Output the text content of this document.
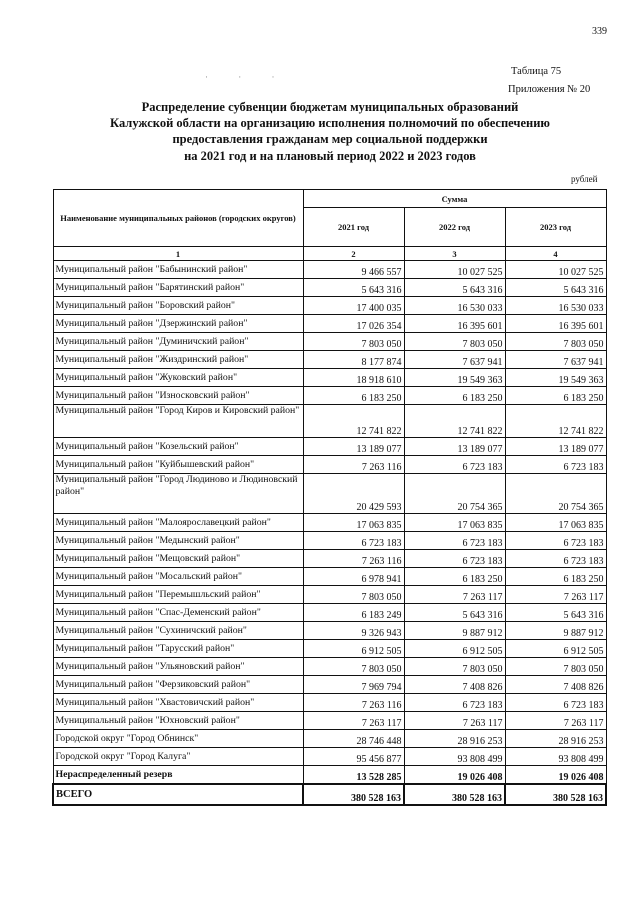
339
· · ·	Таблица 75
Приложения № 20
Распределение субвенции бюджетам муниципальных образований
Калужской области на организацию исполнения полномочий по обеспечению
предоставления гражданам мер социальной поддержки
на 2021 год и на плановый период 2022 и 2023 годов
рублей
Наименование муниципальных районов (городских округов)	Сумма		
	2021 год	2022 год	2023 год
1	2	3	4
Муниципальный район "Бабынинский район"	9 466 557	10 027 525	10 027 525
Муниципальный район "Барятинский район"	5 643 316	5 643 316	5 643 316
Муниципальный район "Боровский район"	17 400 035	16 530 033	16 530 033
Муниципальный район "Дзержинский район"	17 026 354	16 395 601	16 395 601
Муниципальный район "Думиничский район"	7 803 050	7 803 050	7 803 050
Муниципальный район "Жиздринский район"	8 177 874	7 637 941	7 637 941
Муниципальный район "Жуковский район"	18 918 610	19 549 363	19 549 363
Муниципальный район "Износковский район"	6 183 250	6 183 250	6 183 250
Муниципальный район "Город Киров и Кировский район"	12 741 822	12 741 822	12 741 822
Муниципальный район "Козельский район"	13 189 077	13 189 077	13 189 077
Муниципальный район "Куйбышевский район"	7 263 116	6 723 183	6 723 183
Муниципальный район "Город Людиново и Людиновский район"	20 429 593	20 754 365	20 754 365
Муниципальный район "Малоярославецкий район"	17 063 835	17 063 835	17 063 835
Муниципальный район "Медынский район"	6 723 183	6 723 183	6 723 183
Муниципальный район "Мещовский район"	7 263 116	6 723 183	6 723 183
Муниципальный район "Мосальский район"	6 978 941	6 183 250	6 183 250
Муниципальный район "Перемышльский район"	7 803 050	7 263 117	7 263 117
Муниципальный район "Спас-Деменский район"	6 183 249	5 643 316	5 643 316
Муниципальный район "Сухиничский район"	9 326 943	9 887 912	9 887 912
Муниципальный район "Тарусский район"	6 912 505	6 912 505	6 912 505
Муниципальный район "Ульяновский район"	7 803 050	7 803 050	7 803 050
Муниципальный район "Ферзиковский район"	7 969 794	7 408 826	7 408 826
Муниципальный район "Хвастовичский район"	7 263 116	6 723 183	6 723 183
Муниципальный район "Юхновский район"	7 263 117	7 263 117	7 263 117
Городской округ "Город Обнинск"	28 746 448	28 916 253	28 916 253
Городской округ "Город Калуга"	95 456 877	93 808 499	93 808 499
Нераспределенный резерв	13 528 285	19 026 408	19 026 408
ВСЕГО	380 528 163	380 528 163	380 528 163
